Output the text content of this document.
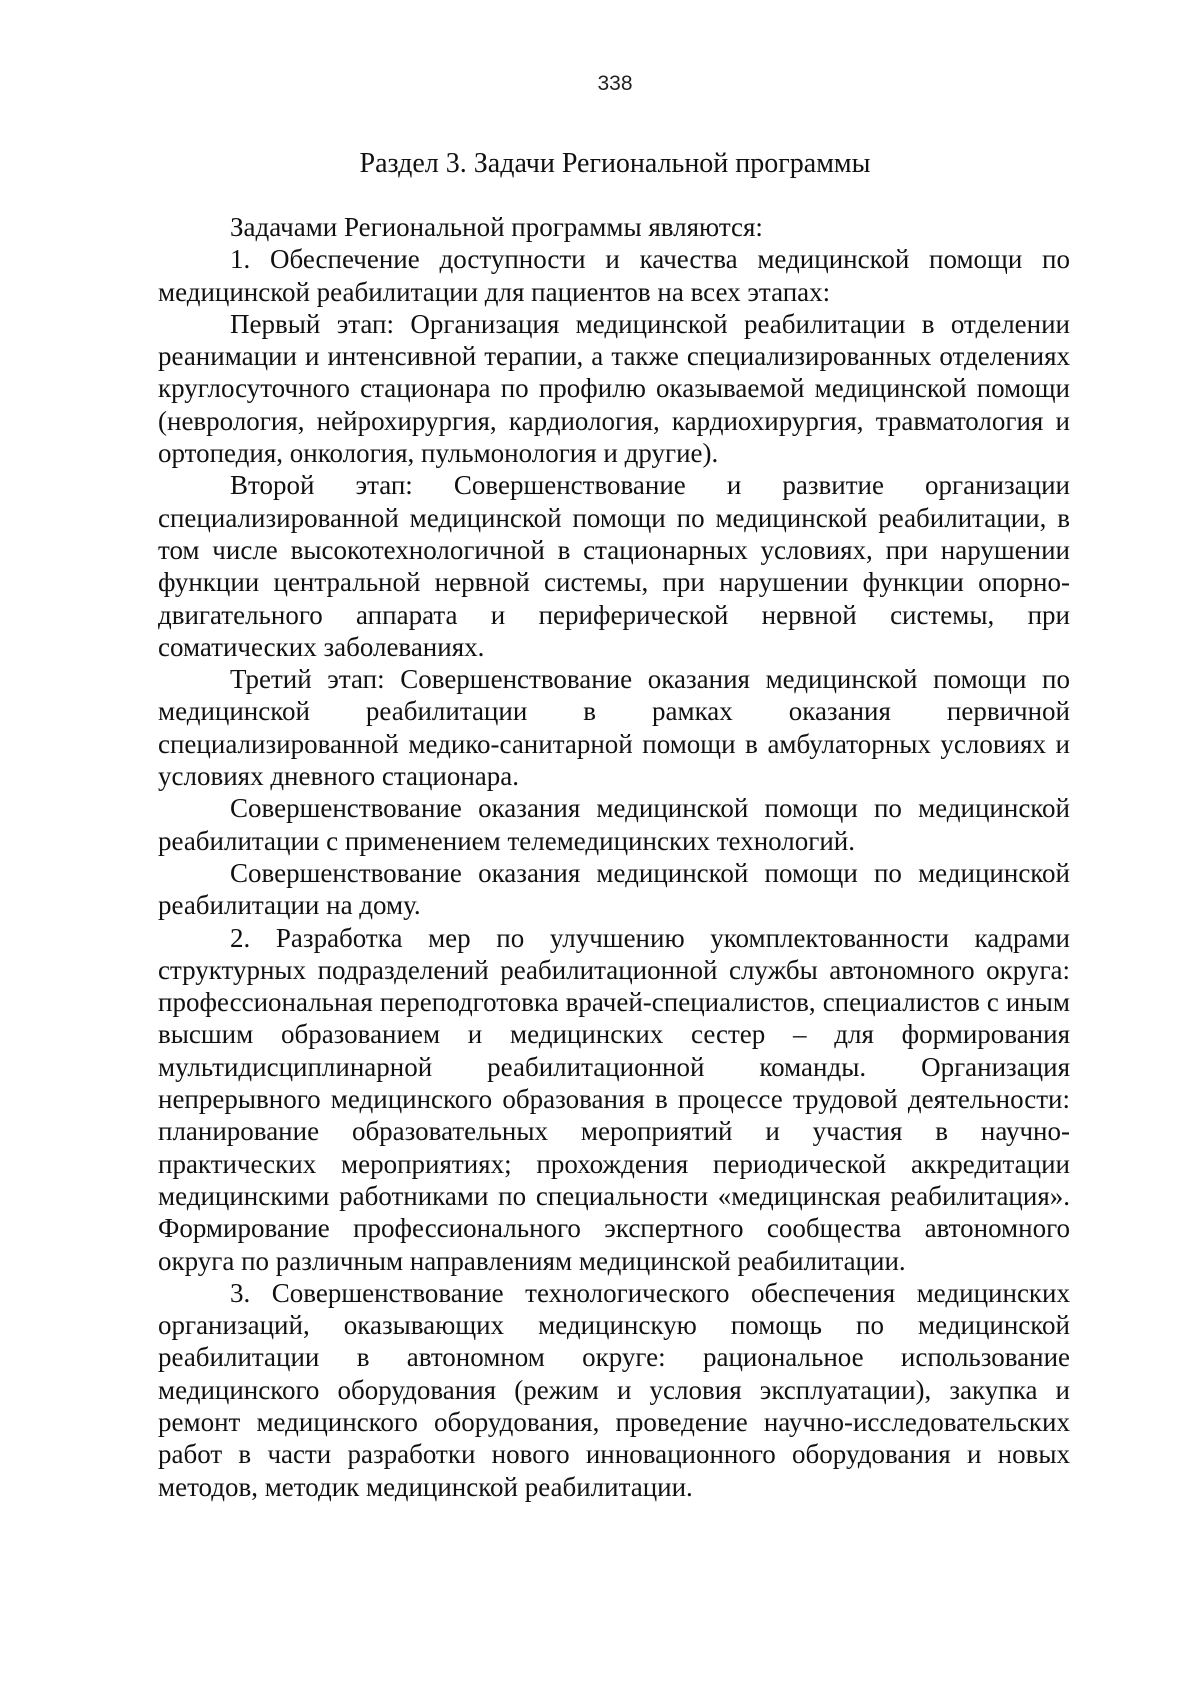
338
Раздел 3. Задачи Региональной программы

Задачами Региональной программы являются:

1. Обеспечение доступности и качества медицинской помощи по медицинской реабилитации для пациентов на всех этапах:

Первый этап: Организация медицинской реабилитации в отделении реанимации и интенсивной терапии, а также специализированных отделениях круглосуточного стационара по профилю оказываемой медицинской помощи (неврология, нейрохирургия, кардиология, кардиохирургия, травматология и ортопедия, онкология, пульмонология и другие).

Второй этап: Совершенствование и развитие организации специализированной медицинской помощи по медицинской реабилитации, в том числе высокотехнологичной в стационарных условиях, при нарушении функции центральной нервной системы, при нарушении функции опорно-двигательного аппарата и периферической нервной системы, при соматических заболеваниях.

Третий этап: Совершенствование оказания медицинской помощи по медицинской реабилитации в рамках оказания первичной специализированной медико-санитарной помощи в амбулаторных условиях и условиях дневного стационара.

Совершенствование оказания медицинской помощи по медицинской реабилитации с применением телемедицинских технологий.

Совершенствование оказания медицинской помощи по медицинской реабилитации на дому.

2. Разработка мер по улучшению укомплектованности кадрами структурных подразделений реабилитационной службы автономного округа: профессиональная переподготовка врачей-специалистов, специалистов с иным высшим образованием и медицинских сестер – для формирования мультидисциплинарной реабилитационной команды. Организация непрерывного медицинского образования в процессе трудовой деятельности: планирование образовательных мероприятий и участия в научно-практических мероприятиях; прохождения периодической аккредитации медицинскими работниками по специальности «медицинская реабилитация». Формирование профессионального экспертного сообщества автономного округа по различным направлениям медицинской реабилитации.

3. Совершенствование технологического обеспечения медицинских организаций, оказывающих медицинскую помощь по медицинской реабилитации в автономном округе: рациональное использование медицинского оборудования (режим и условия эксплуатации), закупка и ремонт медицинского оборудования, проведение научно-исследовательских работ в части разработки нового инновационного оборудования и новых методов, методик медицинской реабилитации.
